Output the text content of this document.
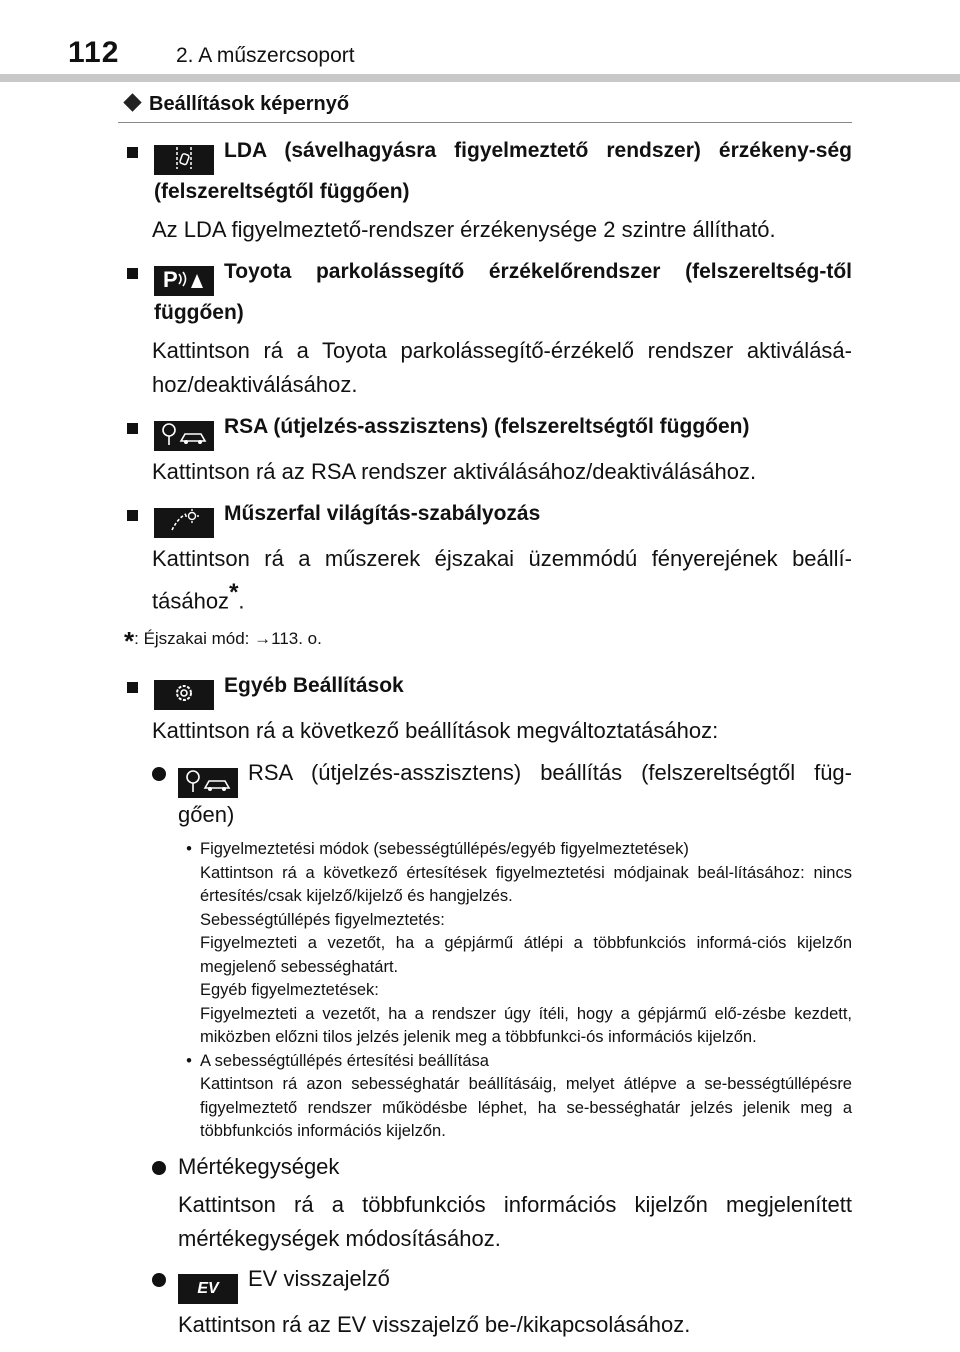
112	2. A műszercsoport
Beállítások képernyő
LDA (sávelhagyásra figyelmeztető rendszer) érzékeny-ség (felszereltségtől függően)
Az LDA figyelmeztető-rendszer érzékenysége 2 szintre állítható.
P Toyota parkolássegítő érzékelőrendszer (felszereltség-től függően)
Kattintson rá a Toyota parkolássegítő-érzékelő rendszer aktiválásá-hoz/deaktiválásához.
RSA (útjelzés-asszisztens) (felszereltségtől függően)
Kattintson rá az RSA rendszer aktiválásához/deaktiválásához.
Műszerfal világítás-szabályozás
Kattintson rá a műszerek éjszakai üzemmódú fényerejének beállí-tásához*.
*: Éjszakai mód: →113. o.
Egyéb Beállítások
Kattintson rá a következő beállítások megváltoztatásához:
RSA (útjelzés-asszisztens) beállítás (felszereltségtől füg-gően)
• Figyelmeztetési módok (sebességtúllépés/egyéb figyelmeztetések)
Kattintson rá a következő értesítések figyelmeztetési módjainak beál-lításához: nincs értesítés/csak kijelző/kijelző és hangjelzés.
Sebességtúllépés figyelmeztetés:
Figyelmezteti a vezetőt, ha a gépjármű átlépi a többfunkciós informá-ciós kijelzőn megjelenő sebességhatárt.
Egyéb figyelmeztetések:
Figyelmezteti a vezetőt, ha a rendszer úgy ítéli, hogy a gépjármű elő-zésbe kezdett, miközben előzni tilos jelzés jelenik meg a többfunkci-ós információs kijelzőn.
• A sebességtúllépés értesítési beállítása
Kattintson rá azon sebességhatár beállításáig, melyet átlépve a se-bességtúllépésre figyelmeztető rendszer működésbe léphet, ha se-bességhatár jelzés jelenik meg a többfunkciós információs kijelzőn.
Mértékegységek
Kattintson rá a többfunkciós információs kijelzőn megjelenített mértékegységek módosításához.
EV EV visszajelző
Kattintson rá az EV visszajelző be-/kikapcsolásához.
